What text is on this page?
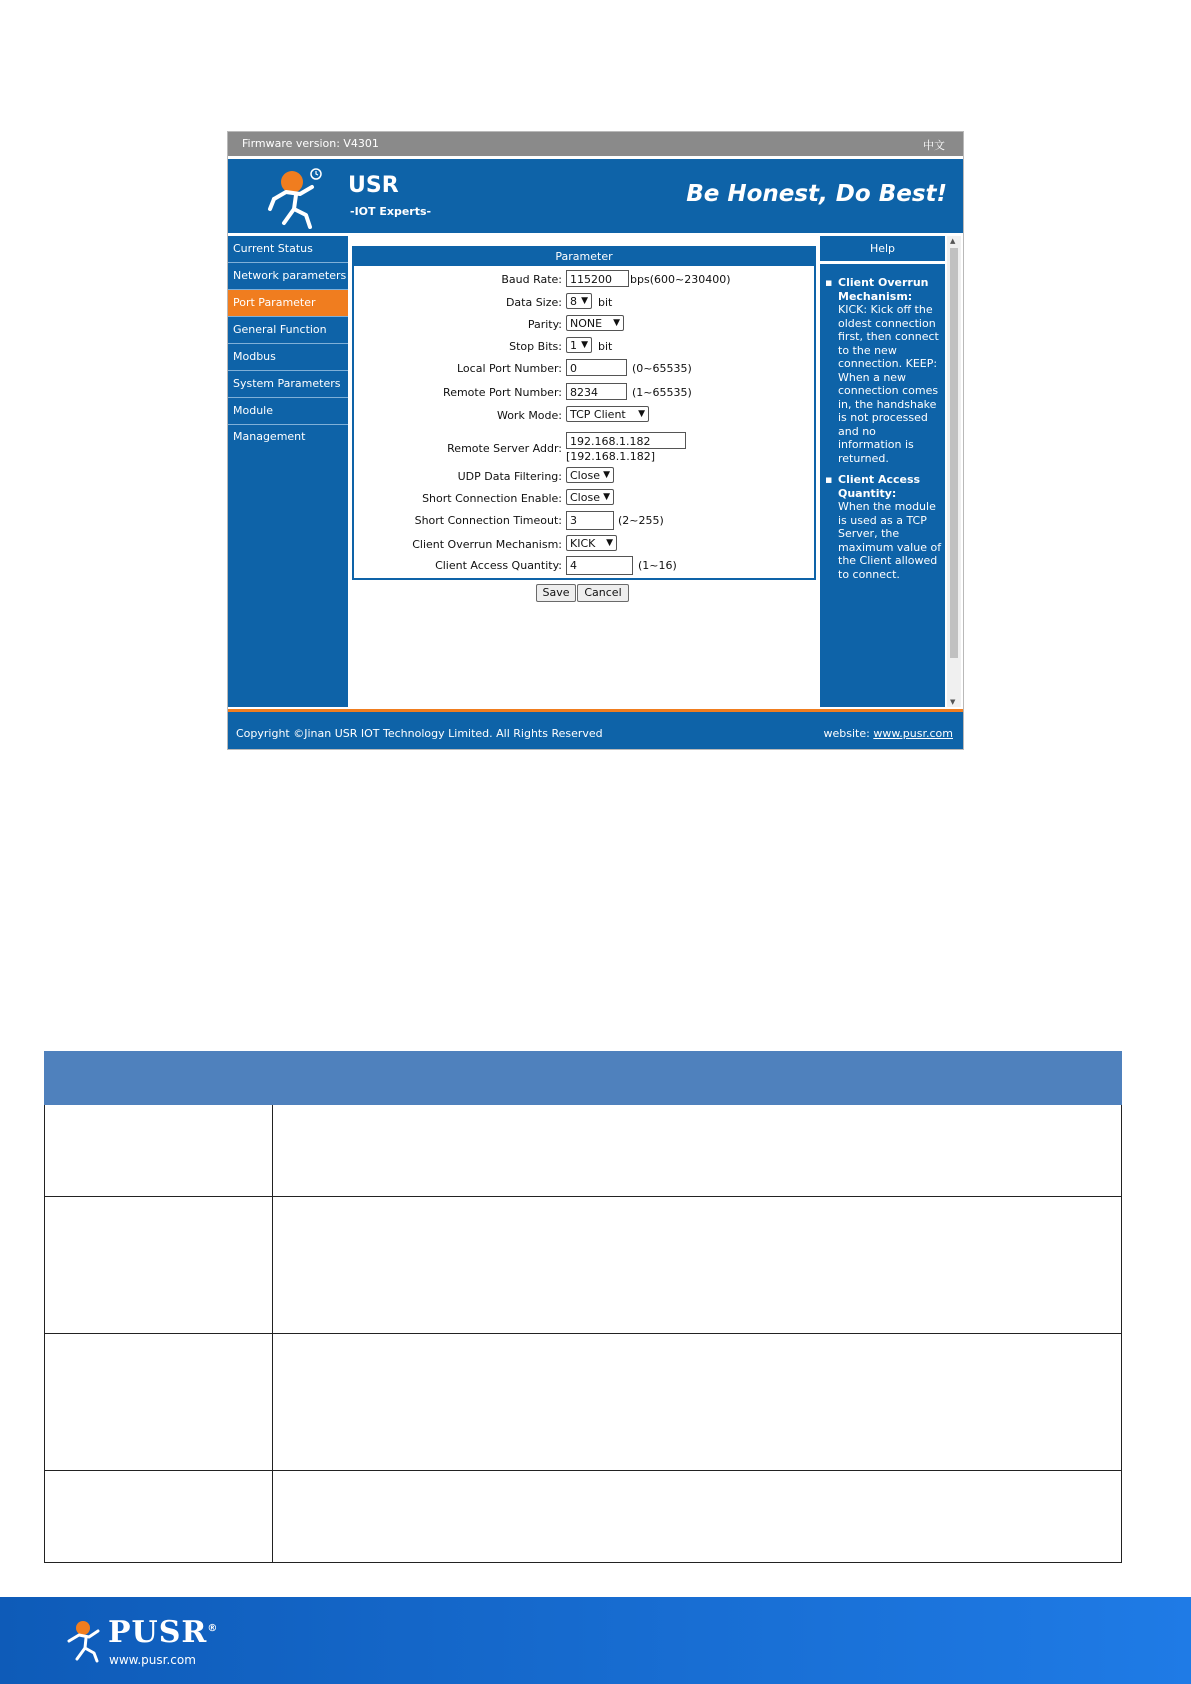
Firmware version: V4301	中文
USR
-IOT Experts-
Be Honest, Do Best!
Current Status
Network parameters
Port Parameter
General Function
Modbus
System Parameters
Module Management
Parameter
Baud Rate: 115200	bps(600~230400)
Data Size: 8 ▼ bit
Parity: NONE ▼
Stop Bits: 1 ▼ bit
Local Port Number: 0	(0~65535)
Remote Port Number: 8234	(1~65535)
Work Mode: TCP Client ▼
Remote Server Addr:
192.168.1.182
[192.168.1.182]
UDP Data Filtering: Close ▼
Short Connection Enable: Close ▼
Short Connection Timeout: 3	(2~255)
Client Overrun Mechanism: KICK ▼
Client Access Quantity: 4	(1~16)
Save	Cancel
Help
▪ Client Overrun Mechanism:
KICK: Kick off the oldest connection first, then connect to the new connection. KEEP: When a new connection comes in, the handshake is not processed and no information is returned.
▪ Client Access Quantity:
When the module is used as a TCP Server, the maximum value of the Client allowed to connect.
▲
▼
Copyright ©Jinan USR IOT Technology Limited. All Rights Reserved	website: www.pusr.com

PUSR®
www.pusr.com
